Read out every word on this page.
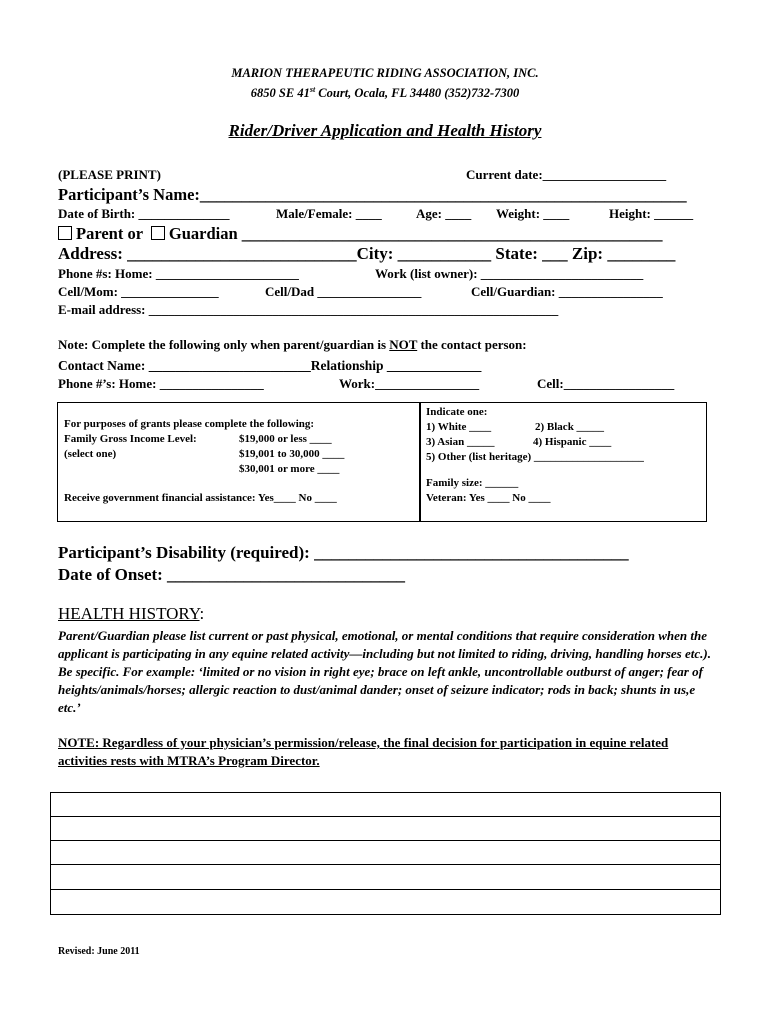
MARION THERAPEUTIC RIDING ASSOCIATION, INC.
6850 SE 41st Court, Ocala, FL 34480 (352)732-7300
Rider/Driver Application and Health History
(PLEASE PRINT)	Current date:___________________
Participant’s Name:___________________________________________________________
Date of Birth: ______________	Male/Female: ____	Age: ____ Weight: ____	Height: ______
Parent or Guardian ___________________________________________________
Address: ___________________________City: ___________ State: ___ Zip: ________
Phone #s: Home: ______________________	Work (list owner): _________________________
Cell/Mom: _______________	Cell/Dad ________________	Cell/Guardian: ________________
E-mail address: _______________________________________________________________
Note: Complete the following only when parent/guardian is NOT the contact person:
Contact Name: ________________________Relationship ______________
Phone #’s: Home: ________________	Work:________________	Cell:_________________
For purposes of grants please complete the following:
Family Gross Income Level:	$19,000 or less ____
(select one)	$19,001 to 30,000 ____
$30,001 or more ____
Receive government financial assistance: Yes____ No ____
Indicate one:
1) White ____	2) Black _____
3) Asian _____	4) Hispanic ____
5) Other (list heritage) ____________________
Family size: ______
Veteran: Yes ____ No ____
Participant’s Disability (required): _____________________________________
Date of Onset: ____________________________
HEALTH HISTORY:
Parent/Guardian please list current or past physical, emotional, or mental conditions that require consideration when the applicant is participating in any equine related activity—including but not limited to riding, driving, handling horses etc.). Be specific. For example: ‘limited or no vision in right eye; brace on left ankle, uncontrollable outburst of anger; fear of heights/animals/horses; allergic reaction to dust/animal dander; onset of seizure indicator; rods in back; shunts in us,e etc.’
NOTE: Regardless of your physician’s permission/release, the final decision for participation in equine related activities rests with MTRA’s Program Director.
Revised: June 2011
